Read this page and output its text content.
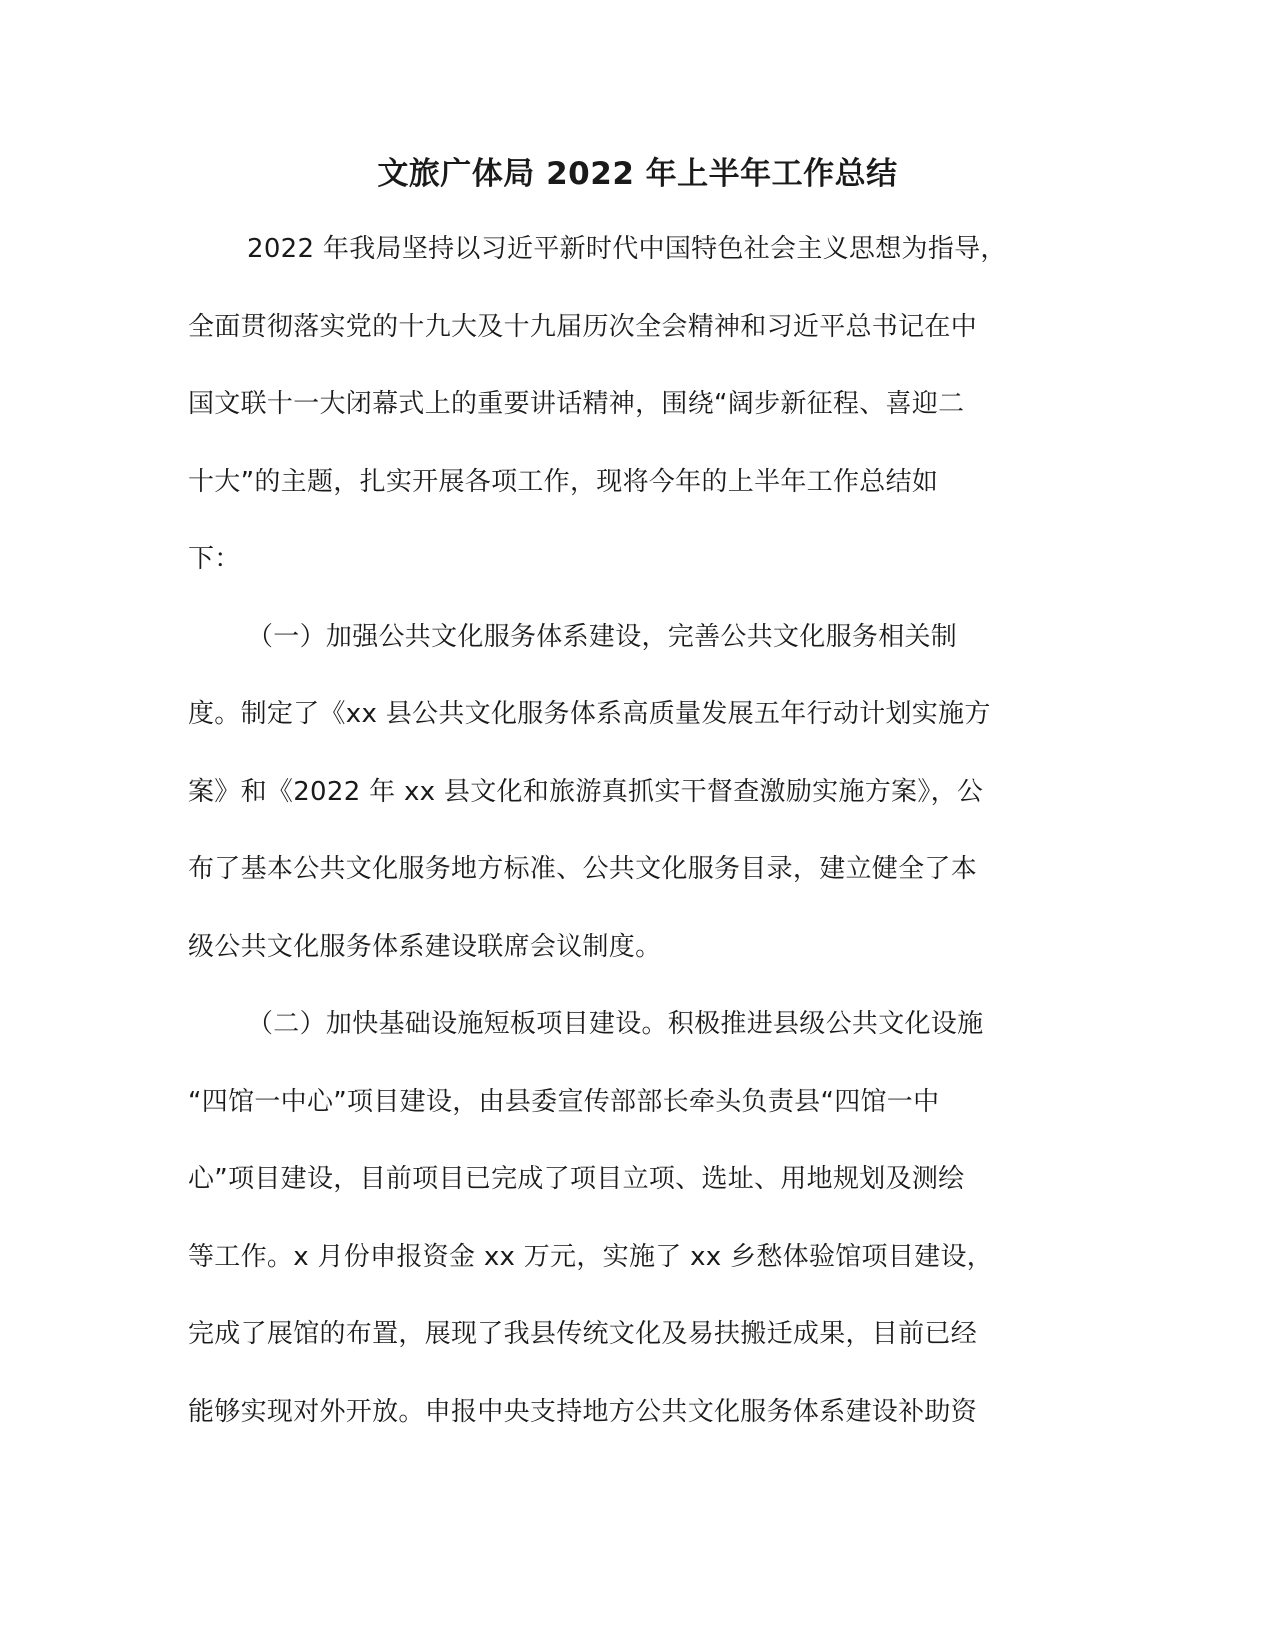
文旅广体局 2022 年上半年工作总结
2022 年我局坚持以习近平新时代中国特色社会主义思想为指导，
全面贯彻落实党的十九大及十九届历次全会精神和习近平总书记在中
国文联十一大闭幕式上的重要讲话精神，围绕“阔步新征程、喜迎二
十大”的主题，扎实开展各项工作，现将今年的上半年工作总结如
下：
（一）加强公共文化服务体系建设，完善公共文化服务相关制
度。制定了《xx 县公共文化服务体系高质量发展五年行动计划实施方
案》和《2022 年 xx 县文化和旅游真抓实干督查激励实施方案》，公
布了基本公共文化服务地方标准、公共文化服务目录，建立健全了本
级公共文化服务体系建设联席会议制度。
（二）加快基础设施短板项目建设。积极推进县级公共文化设施
“四馆一中心”项目建设，由县委宣传部部长牵头负责县“四馆一中
心”项目建设，目前项目已完成了项目立项、选址、用地规划及测绘
等工作。x 月份申报资金 xx 万元，实施了 xx 乡愁体验馆项目建设，
完成了展馆的布置，展现了我县传统文化及易扶搬迁成果，目前已经
能够实现对外开放。申报中央支持地方公共文化服务体系建设补助资
